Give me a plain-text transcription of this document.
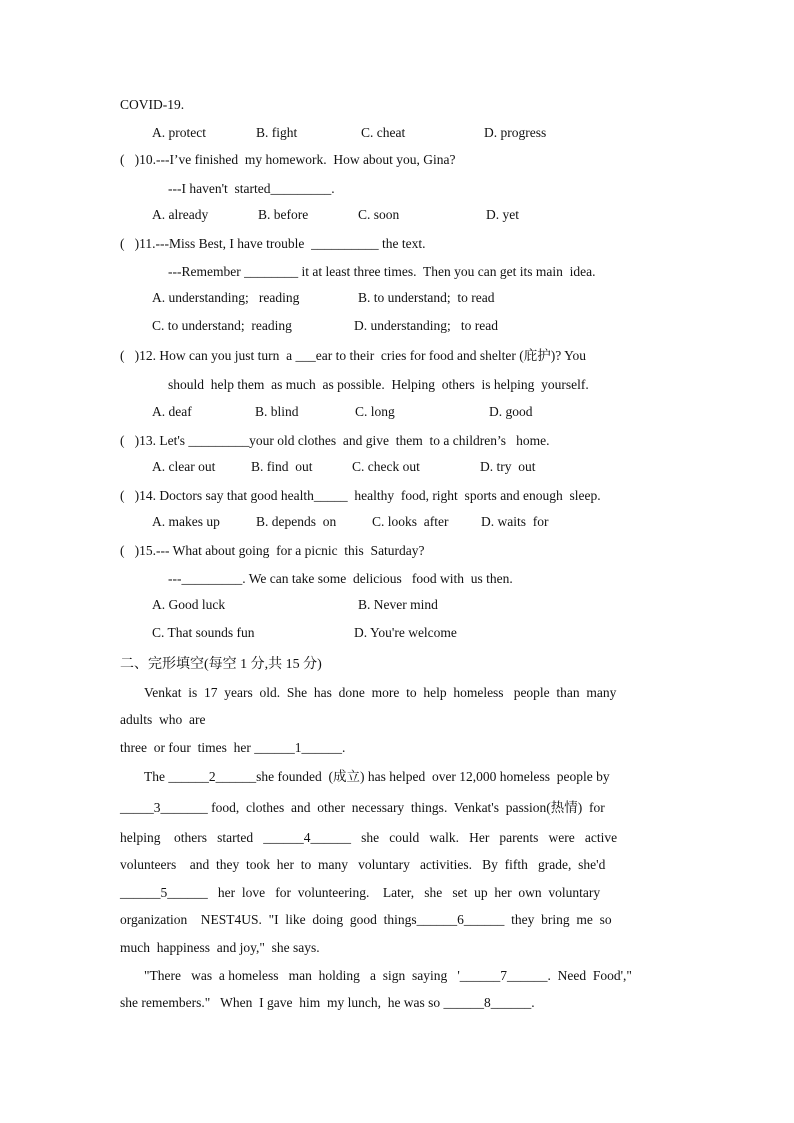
COVID-19.
A. protect	B. fight	C. cheat	D. progress
(   )10.---I’ve finished  my homework.  How about you, Gina?
---I haven't  started_________.
A. already	B. before	C. soon	D. yet
(   )11.---Miss Best, I have trouble  __________ the text.
---Remember ________ it at least three times.  Then you can get its main  idea.
A. understanding;   reading	B. to understand;  to read
C. to understand;  reading	D. understanding;   to read
(   )12. How can you just turn  a ___ear to their  cries for food and shelter (庇护)? You
should  help them  as much  as possible.  Helping  others  is helping  yourself.
A. deaf	B. blind	C. long	D. good
(   )13. Let's _________your old clothes  and give  them  to a children’s   home.
A. clear out	B. find  out	C. check out	D. try  out
(   )14. Doctors say that good health_____  healthy  food, right  sports and enough  sleep.
A. makes up	B. depends  on	C. looks  after D. waits  for
(   )15.--- What about going  for a picnic  this  Saturday?
---_________. We can take some  delicious   food with  us then.
A. Good luck	B. Never mind
C. That sounds fun	D. You're welcome
二、完形填空(每空 1 分,共 15 分)
Venkat  is  17  years  old.  She  has  done  more  to  help  homeless   people  than  many
adults  who  are
three  or four  times  her ______1______.
The ______2______she founded  (成立) has helped  over 12,000 homeless  people by
_____3_______ food,  clothes  and  other  necessary  things.  Venkat's  passion(热情)  for
helping    others   started   ______4______   she   could   walk.   Her   parents   were   active
volunteers    and  they  took  her  to  many   voluntary   activities.   By  fifth   grade,  she'd
______5______   her  love   for  volunteering.    Later,   she   set  up  her  own  voluntary
organization    NEST4US.  "I  like  doing  good  things______6______  they  bring  me  so
much  happiness  and joy,"  she says.
"There   was  a homeless   man  holding   a  sign  saying   '______7______.  Need  Food',"
she remembers."   When  I gave  him  my lunch,  he was so ______8______.
